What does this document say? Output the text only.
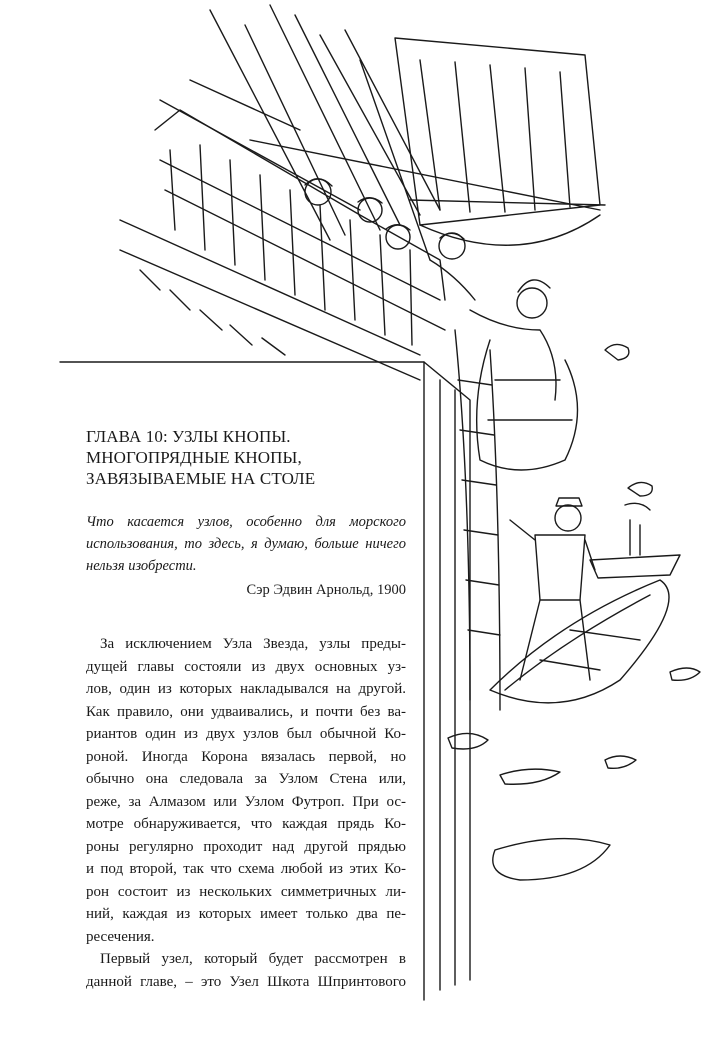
ГЛАВА 10: УЗЛЫ КНОПЫ.
МНОГОПРЯДНЫЕ КНОПЫ,
ЗАВЯЗЫВАЕМЫЕ НА СТОЛЕ

Что касается узлов, особенно для морского использования, то здесь, я думаю, больше ничего нельзя изобрести.

Сэр Эдвин Арнольд, 1900

За исключением Узла Звезда, узлы преды-
дущей главы состояли из двух основных уз-
лов, один из которых накладывался на другой.
Как правило, они удваивались, и почти без ва-
риантов один из двух узлов был обычной Ко-
роной. Иногда Корона вязалась первой, но
обычно она следовала за Узлом Стена или,
реже, за Алмазом или Узлом Футроп. При ос-
мотре обнаруживается, что каждая прядь Ко-
роны регулярно проходит над другой прядью
и под второй, так что схема любой из этих Ко-
рон состоит из нескольких симметричных ли-
ний, каждая из которых имеет только два пе-
ресечения.

Первый узел, который будет рассмотрен в
данной главе, – это Узел Шкота Шпринтового
